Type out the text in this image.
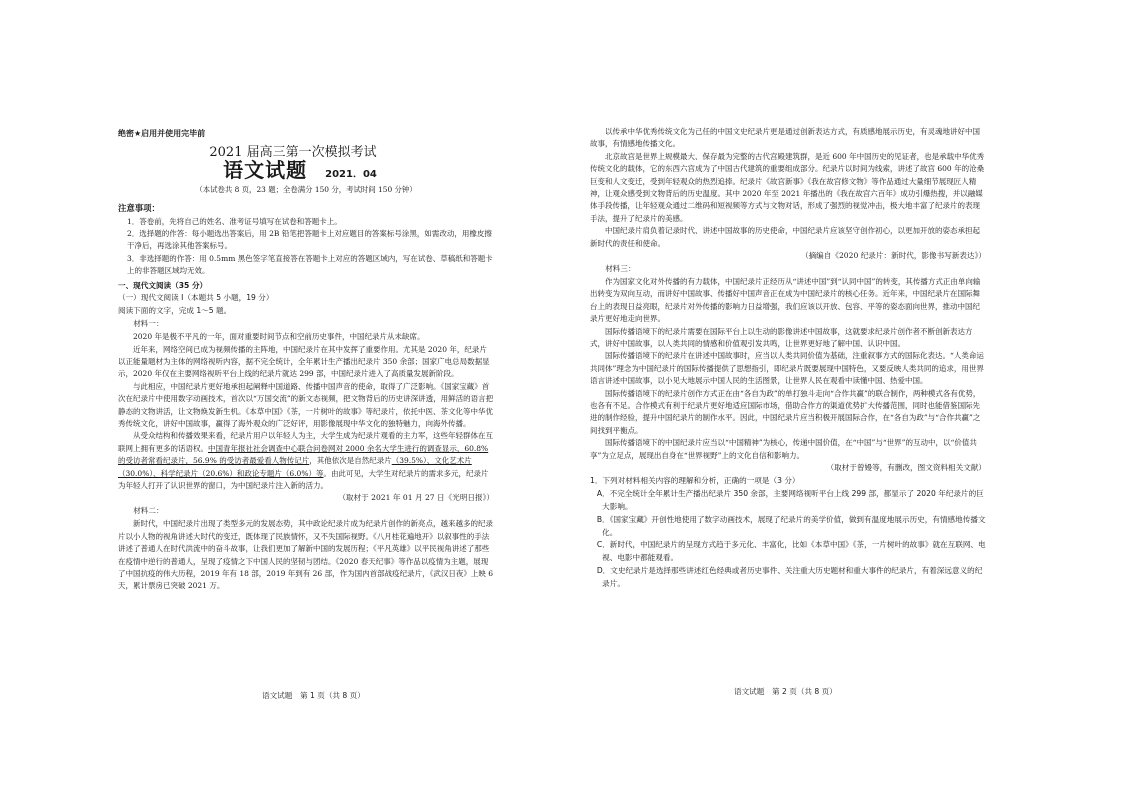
绝密★启用并使用完毕前
2021 届高三第一次模拟考试
语文试题 2021．04
（本试卷共 8 页，23 题；全卷满分 150 分，考试时间 150 分钟）
注意事项：

1．答卷前，先将自己的姓名、准考证号填写在试卷和答题卡上。

2．选择题的作答：每小题选出答案后，用 2B 铅笔把答题卡上对应题目的答案标号涂黑，如需改动，用橡皮擦干净后，再选涂其他答案标号。

3．非选择题的作答：用 0.5mm 黑色签字笔直接答在答题卡上对应的答题区域内，写在试卷、草稿纸和答题卡上的非答题区域均无效。

一、现代文阅读（35 分）

（一）现代文阅读 I（本题共 5 小题，19 分）

阅读下面的文字，完成 1～5 题。

材料一：

2020 年是极不平凡的一年，面对重要时间节点和空前历史事件，中国纪录片从未缺席。

近年来，网络空间已成为视频传播的主阵地，中国纪录片在其中发挥了重要作用。尤其是 2020 年，纪录片以正能量题材为主体的网络视听内容，据不完全统计，全年累计生产播出纪录片 350 余部；国家广电总局数据显示，2020 年仅在主要网络视听平台上线的纪录片就达 299 部，中国纪录片进入了高质量发展新阶段。

与此相应，中国纪录片更好地承担起阐释中国道路、传播中国声音的使命，取得了广泛影响。《国家宝藏》首次在纪录片中使用数字动画技术，首次以“万国交流”的新文态视频，把文物背后的历史讲深讲透，用鲜活的语言把静态的文物讲活，让文物焕发新生机。《本草中国》《茶，一片树叶的故事》等纪录片，依托中医、茶文化等中华优秀传统文化，讲好中国故事，赢得了海外观众的广泛好评，用影像展现中华文化的独特魅力，向海外传播。

从受众结构和传播效果来看，纪录片用户以年轻人为主，大学生成为纪录片观看的主力军，这些年轻群体在互联网上拥有更多的话语权。中国青年报社社会调查中心联合问卷网对 2000 余名大学生进行的调查显示，60.8% 的受访者常看纪录片，56.9% 的受访者最爱看人物传记片，其他依次是自然纪录片（39.5%）、文化艺术片（30.0%）、科学纪录片（20.6%）和政论专题片（6.0%）等。由此可见，大学生对纪录片的需求多元，纪录片为年轻人打开了认识世界的窗口，为中国纪录片注入新的活力。

（取材于 2021 年 01 月 27 日《光明日报》）

材料二：

新时代，中国纪录片出现了类型多元的发展态势，其中政论纪录片成为纪录片创作的新亮点，越来越多的纪录片以小人物的视角讲述大时代的变迁，既体现了民族情怀，又不失国际视野。《八月桂花遍地开》以叙事性的手法讲述了普通人在时代洪流中的奋斗故事，让我们更加了解新中国的发展历程；《平凡英雄》以平民视角讲述了那些在疫情中逆行的普通人，呈现了疫情之下中国人民的坚韧与团结。《2020 春天纪事》等作品以疫情为主题，展现了中国抗疫的伟大历程，2019 年有 18 部，2019 年到有 26 部，作为国内首部战疫纪录片，《武汉日夜》上映 6 天，累计票房已突破 2021 万。

语文试题　第 1 页（共 8 页）

以传承中华优秀传统文化为己任的中国文史纪录片更是通过创新表达方式，有质感地展示历史，有灵魂地讲好中国故事，有情感地传播文化。

北京故宫是世界上规模最大、保存最为完整的古代宫殿建筑群，是近 600 年中国历史的见证者，也是承载中华优秀传统文化的载体，它的东西六宫成为了中国古代建筑的重要组成部分。纪录片以时间为线索，讲述了故宫 600 年的沧桑巨变和人文变迁，受到年轻观众的热烈追捧。纪录片《故宫新事》《我在故宫修文物》等作品通过大量细节展现匠人精神，让观众感受到文物背后的历史温度。其中 2020 年至 2021 年播出的《我在故宫六百年》成功引爆热搜，并以融媒体手段传播，让年轻观众通过二维码和短视频等方式与文物对话，形成了强烈的视觉冲击，极大地丰富了纪录片的表现手法，提升了纪录片的美感。

中国纪录片肩负着记录时代、讲述中国故事的历史使命，中国纪录片应该坚守创作初心，以更加开放的姿态承担起新时代的责任和使命。

（摘编自《2020 纪录片：新时代，影像书写新表达》）

材料三：

作为国家文化对外传播的有力载体，中国纪录片正经历从“讲述中国”到“认同中国”的转变，其传播方式正由单向输出转变为双向互动，而讲好中国故事、传播好中国声音正在成为中国纪录片的核心任务。近年来，中国纪录片在国际舞台上的表现日益亮眼，纪录片对外传播的影响力日益增强，我们应该以开放、包容、平等的姿态面向世界，推动中国纪录片更好地走向世界。

国际传播语境下的纪录片需要在国际平台上以生动的影像讲述中国故事，这就要求纪录片创作者不断创新表达方式，讲好中国故事，以人类共同的情感和价值观引发共鸣，让世界更好地了解中国、认识中国。

国际传播语境下的纪录片在讲述中国故事时，应当以人类共同价值为基础，注重叙事方式的国际化表达。“人类命运共同体”理念为中国纪录片的国际传播提供了思想指引，即纪录片既要展现中国特色，又要反映人类共同的追求，用世界语言讲述中国故事，以小见大地展示中国人民的生活图景，让世界人民在观看中读懂中国、热爱中国。

国际传播语境下的纪录片创作方式正在由“各自为政”的单打独斗走向“合作共赢”的联合制作，两种模式各有优势，也各有不足。合作模式有利于纪录片更好地适应国际市场，借助合作方的渠道优势扩大传播范围，同时也能借鉴国际先进的制作经验，提升中国纪录片的制作水平。因此，中国纪录片应当积极开展国际合作，在“各自为政”与“合作共赢”之间找到平衡点。

国际传播语境下的中国纪录片应当以“中国精神”为核心，传递中国价值，在“中国”与“世界”的互动中，以“价值共享”为立足点，展现出自身在“世界视野”上的文化自信和影响力。

（取材于曾嫚等，有删改，图文资料相关文献）

1．下列对材料相关内容的理解和分析，正确的一项是（3 分）

A．不完全统计全年累计生产播出纪录片 350 余部，主要网络视听平台上线 299 部，都显示了 2020 年纪录片的巨大影响。

B．《国家宝藏》开创性地使用了数字动画技术，展现了纪录片的美学价值，做到有温度地展示历史，有情感地传播文化。

C．新时代，中国纪录片的呈现方式趋于多元化、丰富化，比如《本草中国》《茶，一片树叶的故事》就在互联网、电视、电影中都能观看。

D．文史纪录片是选择那些讲述红色经典或者历史事件、关注重大历史题材和重大事件的纪录片，有着深远意义的纪录片。

语文试题　第 2 页（共 8 页）
